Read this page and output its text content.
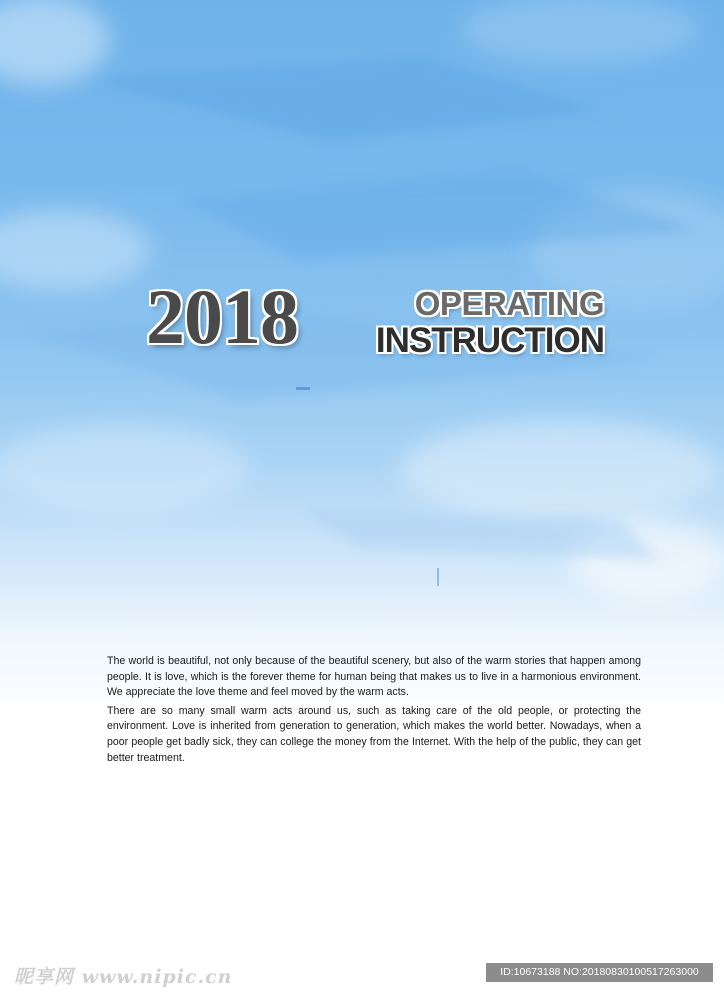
2018	OPERATING
INSTRUCTION

The world is beautiful, not only because of the beautiful scenery, but also of the warm stories that happen among people. It is love, which is the forever theme for human being that makes us to live in a harmonious environment. We appreciate the love theme and feel moved by the warm acts.

There are so many small warm acts around us, such as taking care of the old people, or protecting the environment. Love is inherited from generation to generation, which makes the world better. Nowadays, when a poor people get badly sick, they can college the money from the Internet. With the help of the public, they can get better treatment.

昵享网 www.nipic.cn	ID:10673188 NO:20180830100517263000
